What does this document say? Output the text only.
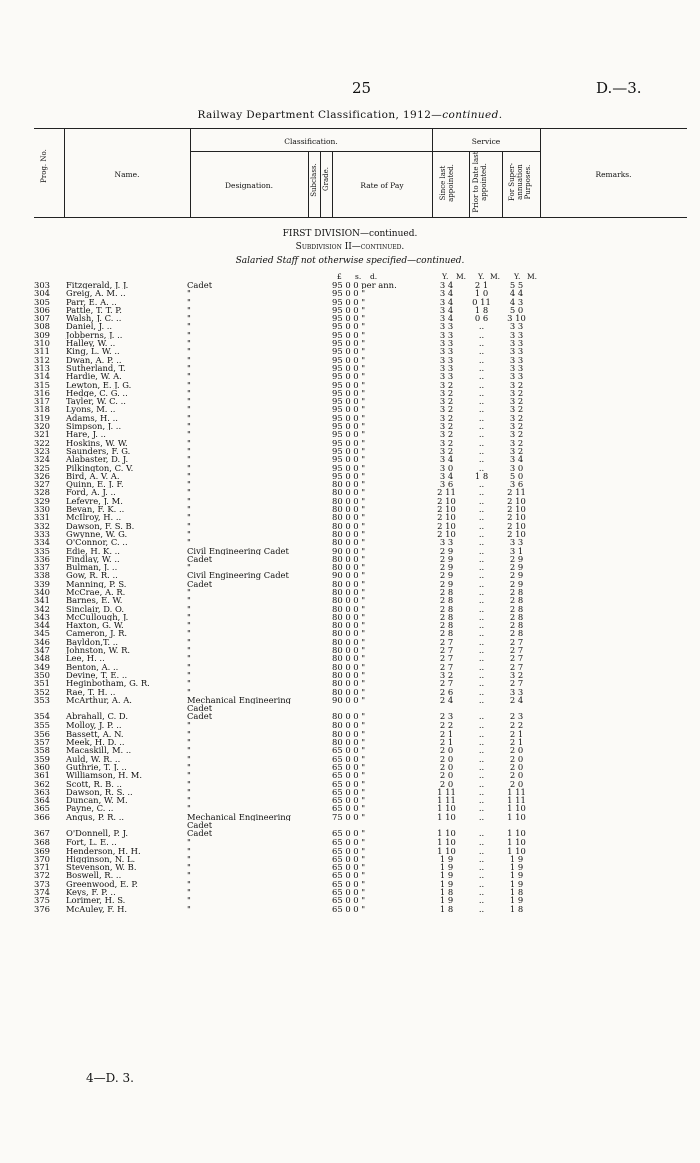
25	D.—3.
Railway Department Classification, 1912—continued.
Prog. No.	Name.
Classification.
Designation.	Subclass. Grade.	Rate of Pay
Service
Since last appointed. Prior to Date last appointed.	For Super-annuation Purposes.	Remarks.
FIRST DIVISION—continued.
Subdivision II—continued.
Salaried Staff not otherwise specified—continued.
£ s. d.	Y. M. Y. M. Y. M.
303	Fitzgerald, J. J.		Cadet			95 0 0 per ann.	3 4	2 1	5 5	
304	Greig, A. M. ..		"			95 0 0 "	3 4	1 0	4 4	
305	Parr, E. A. ..		"			95 0 0 "	3 4	0 11	4 3	
306	Pattle, T. T. P.		"			95 0 0 "	3 4	1 8	5 0	
307	Walsh, J. C. ..		"			95 0 0 "	3 4	0 6	3 10	
308	Daniel, J. ..		"			95 0 0 "	3 3	..	3 3	
309	Jobberns, J. ..		"			95 0 0 "	3 3	..	3 3	
310	Halley, W. ..		"			95 0 0 "	3 3	..	3 3	
311	King, L. W. ..		"			95 0 0 "	3 3	..	3 3	
312	Dwan, A. P. ..		"			95 0 0 "	3 3	..	3 3	
313	Sutherland, T.		"			95 0 0 "	3 3	..	3 3	
314	Hardie, W. A.		"			95 0 0 "	3 3	..	3 3	
315	Lewton, E. J. G.		"			95 0 0 "	3 2	..	3 2	
316	Hedge, C. G. ..		"			95 0 0 "	3 2	..	3 2	
317	Tayler, W. C. ..		"			95 0 0 "	3 2	..	3 2	
318	Lyons, M. ..		"			95 0 0 "	3 2	..	3 2	
319	Adams, H. ..		"			95 0 0 "	3 2	..	3 2	
320	Simpson, J. ..		"			95 0 0 "	3 2	..	3 2	
321	Hare, J. ..		"			95 0 0 "	3 2	..	3 2	
322	Hoskins, W. W.		"			95 0 0 "	3 2	..	3 2	
323	Saunders, F. G.		"			95 0 0 "	3 2	..	3 2	
324	Alabaster, D. J.		"			95 0 0 "	3 4	..	3 4	
325	Pilkington, C. V.		"			95 0 0 "	3 0	..	3 0	
326	Bird, A. V. A.		"			95 0 0 "	3 4	1 8	5 0	
327	Quinn, E. J. F.		"			80 0 0 "	3 6	..	3 6	
328	Ford, A. J. ..		"			80 0 0 "	2 11	..	2 11	
329	Lefevre, J. M.		"			80 0 0 "	2 10	..	2 10	
330	Bevan, F. K. ..		"			80 0 0 "	2 10	..	2 10	
331	McIlroy, H. ..		"			80 0 0 "	2 10	..	2 10	
332	Dawson, F. S. B.		"			80 0 0 "	2 10	..	2 10	
333	Gwynne, W. G.		"			80 0 0 "	2 10	..	2 10	
334	O'Connor, C. ..		"			80 0 0 "	3 3	..	3 3	
335	Edie, H. K. ..		Civil Engineering Cadet			90 0 0 "	2 9	..	3 1	
336	Findlay, W. ..		Cadet			80 0 0 "	2 9	..	2 9	
337	Bulman, J. ..		"			80 0 0 "	2 9	..	2 9	
338	Gow, R. R. ..		Civil Engineering Cadet			90 0 0 "	2 9	..	2 9	
339	Manning, P. S.		Cadet			80 0 0 "	2 9	..	2 9	
340	McCrae, A. R.		"			80 0 0 "	2 8	..	2 8	
341	Barnes, E. W.		"			80 0 0 "	2 8	..	2 8	
342	Sinclair, D. O.		"			80 0 0 "	2 8	..	2 8	
343	McCullough, J.		"			80 0 0 "	2 8	..	2 8	
344	Haxton, G. W.		"			80 0 0 "	2 8	..	2 8	
345	Cameron, J. R.		"			80 0 0 "	2 8	..	2 8	
346	Bayldon,T. ..		"			80 0 0 "	2 7	..	2 7	
347	Johnston, W. R.		"			80 0 0 "	2 7	..	2 7	
348	Lee, H. ..		"			80 0 0 "	2 7	..	2 7	
349	Benton, A. ..		"			80 0 0 "	2 7	..	2 7	
350	Devine, T. E. ..		"			80 0 0 "	3 2	..	3 2	
351	Heginbotham, G. R.		"			80 0 0 "	2 7	..	2 7	
352	Rae, T. H. ..		"			80 0 0 "	2 6	..	3 3	
353	McArthur, A. A.		Mechanical Engineering			90 0 0 "	2 4	..	2 4	
			Cadet							
354	Abrahall, C. D.		Cadet			80 0 0 "	2 3	..	2 3	
355	Molloy, J. P. ..		"			80 0 0 "	2 2	..	2 2	
356	Bassett, A. N.		"			80 0 0 "	2 1	..	2 1	
357	Meek, H. D. ..		"			80 0 0 "	2 1	..	2 1	
358	Macaskill, M. ..		"			65 0 0 "	2 0	..	2 0	
359	Auld, W. R. ..		"			65 0 0 "	2 0	..	2 0	
360	Guthrie, T. J. ..		"			65 0 0 "	2 0	..	2 0	
361	Williamson, H. M.		"			65 0 0 "	2 0	..	2 0	
362	Scott, R. B. ..		"			65 0 0 "	2 0	..	2 0	
363	Dawson, R. S. ..		"			65 0 0 "	1 11	..	1 11	
364	Duncan, W. M.		"			65 0 0 "	1 11	..	1 11	
365	Payne, C. ..		"			65 0 0 "	1 10	..	1 10	
366	Angus, P. R. ..		Mechanical Engineering			75 0 0 "	1 10	..	1 10	
			Cadet							
367	O'Donnell, P. J.		Cadet			65 0 0 "	1 10	..	1 10	
368	Fort, L. E. ..		"			65 0 0 "	1 10	..	1 10	
369	Henderson, H. H.		"			65 0 0 "	1 10	..	1 10	
370	Higginson, N. L.		"			65 0 0 "	1 9	..	1 9	
371	Stevenson, W. B.		"			65 0 0 "	1 9	..	1 9	
372	Boswell, R. ..		"			65 0 0 "	1 9	..	1 9	
373	Greenwood, E. P.		"			65 0 0 "	1 9	..	1 9	
374	Keys, F. P. ..		"			65 0 0 "	1 8	..	1 8	
375	Lorimer, H. S.		"			65 0 0 "	1 9	..	1 9	
376	McAuley, F. H.		"			65 0 0 "	1 8	..	1 8	
4—D. 3.
